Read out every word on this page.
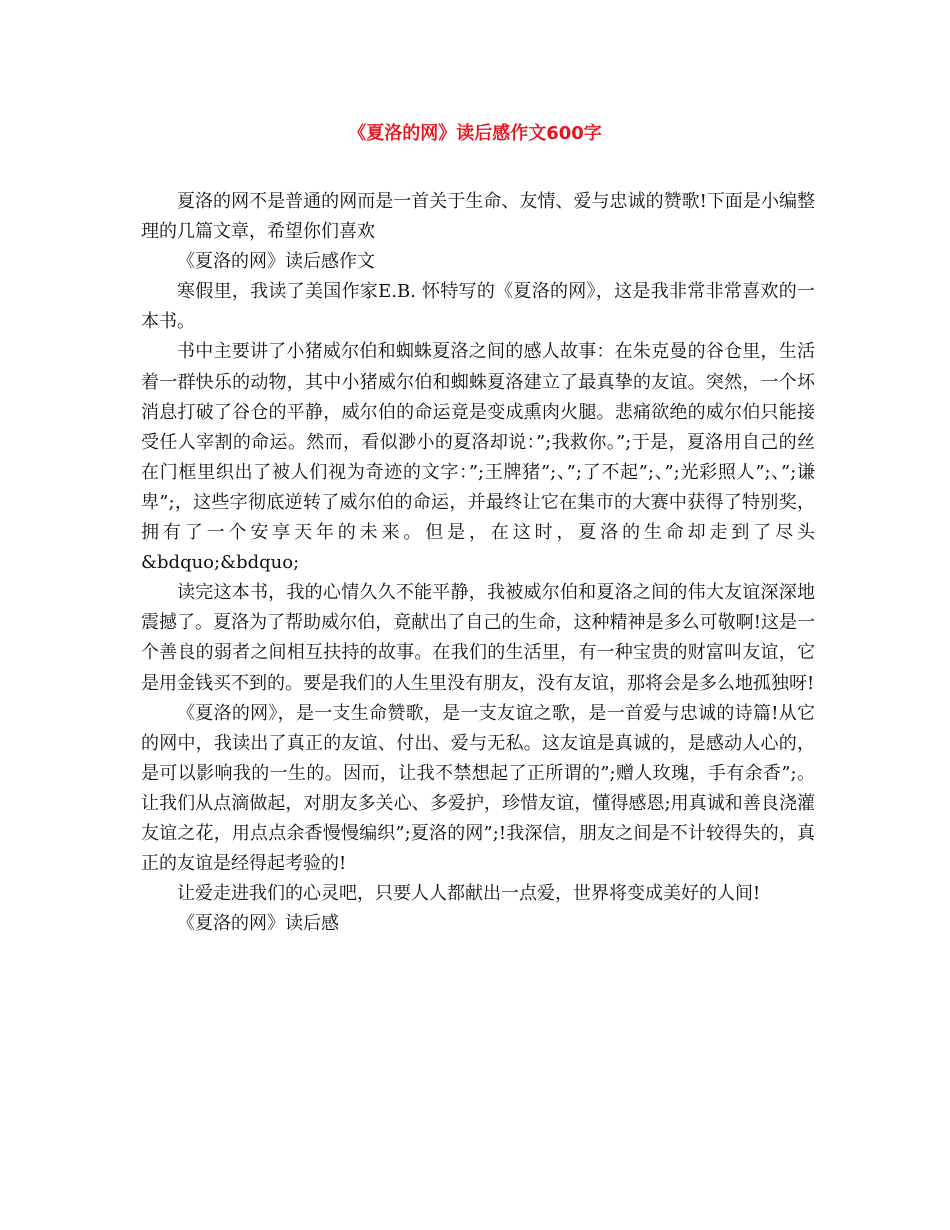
《夏洛的网》读后感作文600字

夏洛的网不是普通的网而是一首关于生命、友情、爱与忠诚的赞歌!下面是小编整理的几篇文章，希望你们喜欢

《夏洛的网》读后感作文

寒假里，我读了美国作家E.B. 怀特写的《夏洛的网》，这是我非常非常喜欢的一本书。

书中主要讲了小猪威尔伯和蜘蛛夏洛之间的感人故事：在朱克曼的谷仓里，生活着一群快乐的动物，其中小猪威尔伯和蜘蛛夏洛建立了最真挚的友谊。突然，一个坏消息打破了谷仓的平静，威尔伯的命运竟是变成熏肉火腿。悲痛欲绝的威尔伯只能接受任人宰割的命运。然而，看似渺小的夏洛却说：”;我救你。”;于是，夏洛用自己的丝在门框里织出了被人们视为奇迹的文字：”;王牌猪”;、”;了不起”;、”;光彩照人”;、”;谦卑”;，这些字彻底逆转了威尔伯的命运，并最终让它在集市的大赛中获得了特别奖，拥有了一个安享天年的未来。但是，在这时，夏洛的生命却走到了尽头&bdquo;&bdquo;

读完这本书，我的心情久久不能平静，我被威尔伯和夏洛之间的伟大友谊深深地震撼了。夏洛为了帮助威尔伯，竟献出了自己的生命，这种精神是多么可敬啊!这是一个善良的弱者之间相互扶持的故事。在我们的生活里，有一种宝贵的财富叫友谊，它是用金钱买不到的。要是我们的人生里没有朋友，没有友谊，那将会是多么地孤独呀!

《夏洛的网》，是一支生命赞歌，是一支友谊之歌，是一首爱与忠诚的诗篇!从它的网中，我读出了真正的友谊、付出、爱与无私。这友谊是真诚的，是感动人心的，是可以影响我的一生的。因而，让我不禁想起了正所谓的”;赠人玫瑰，手有余香”;。让我们从点滴做起，对朋友多关心、多爱护，珍惜友谊，懂得感恩;用真诚和善良浇灌友谊之花，用点点余香慢慢编织”;夏洛的网”;!我深信，朋友之间是不计较得失的，真正的友谊是经得起考验的!

让爱走进我们的心灵吧，只要人人都献出一点爱，世界将变成美好的人间!

《夏洛的网》读后感
